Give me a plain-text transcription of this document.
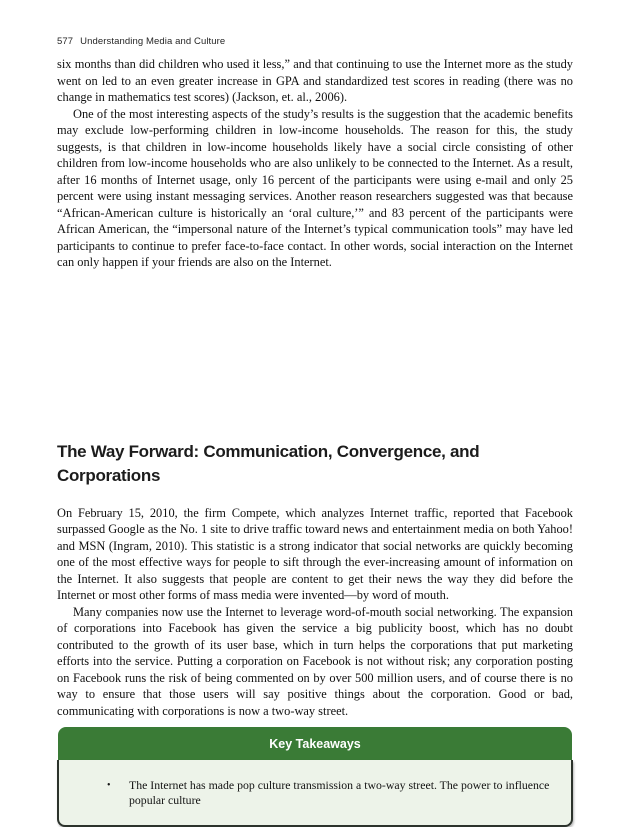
577 Understanding Media and Culture

six months than did children who used it less,” and that continuing to use the Internet more as the study went on led to an even greater increase in GPA and standardized test scores in reading (there was no change in mathematics test scores) (Jackson, et. al., 2006).

One of the most interesting aspects of the study’s results is the suggestion that the academic benefits may exclude low-performing children in low-income households. The reason for this, the study suggests, is that children in low-income households likely have a social circle consisting of other children from low-income households who are also unlikely to be connected to the Internet. As a result, after 16 months of Internet usage, only 16 percent of the participants were using e-mail and only 25 percent were using instant messaging services. Another reason researchers suggested was that because “African-American culture is historically an ‘oral culture,’” and 83 percent of the participants were African American, the “impersonal nature of the Internet’s typical communication tools” may have led participants to continue to prefer face-to-face contact. In other words, social interaction on the Internet can only happen if your friends are also on the Internet.

The Way Forward: Communication, Convergence, and Corporations

On February 15, 2010, the firm Compete, which analyzes Internet traffic, reported that Facebook surpassed Google as the No. 1 site to drive traffic toward news and entertainment media on both Yahoo! and MSN (Ingram, 2010). This statistic is a strong indicator that social networks are quickly becoming one of the most effective ways for people to sift through the ever-increasing amount of information on the Internet. It also suggests that people are content to get their news the way they did before the Internet or most other forms of mass media were invented—by word of mouth.

Many companies now use the Internet to leverage word-of-mouth social networking. The expansion of corporations into Facebook has given the service a big publicity boost, which has no doubt contributed to the growth of its user base, which in turn helps the corporations that put marketing efforts into the service. Putting a corporation on Facebook is not without risk; any corporation posting on Facebook runs the risk of being commented on by over 500 million users, and of course there is no way to ensure that those users will say positive things about the corporation. Good or bad, communicating with corporations is now a two-way street.

Key Takeaways
•	The Internet has made pop culture transmission a two-way street. The power to influence popular culture
